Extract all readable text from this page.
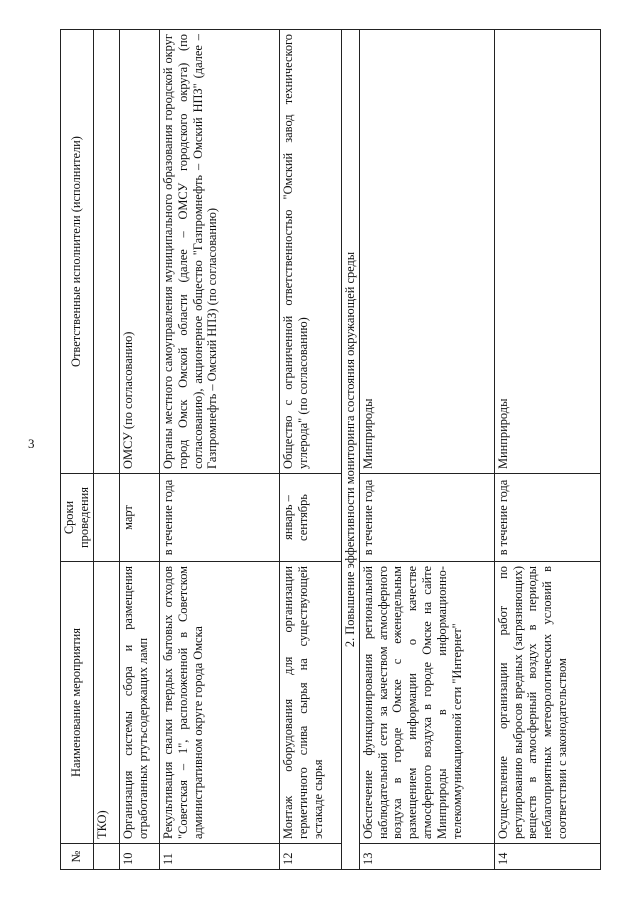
3
№	Наименование мероприятия	Сроки проведения	Ответственные исполнители (исполнители)
	ТКО)		
10	Организация системы сбора и размещения отработанных ртутьсодержащих ламп	март	ОМСУ (по согласованию)
11	Рекультивация свалки твердых бытовых отходов "Советская – 1", расположенной в Советском административном округе города Омска	в течение года	Органы местного самоуправления муниципального образования городской округ город Омск Омской области (далее – ОМСУ городского округа) (по согласованию), акционерное общество "Газпромнефть – Омский НПЗ" (далее – Газпромнефть – Омский НПЗ) (по согласованию)
12	Монтаж оборудования для организации герметичного слива сырья на существующей эстакаде сырья	январь – сентябрь	Общество с ограниченной ответственностью "Омский завод технического углерода" (по согласованию)
2. Повышение эффективности мониторинга состояния окружающей среды			
13	Обеспечение функционирования региональной наблюдательной сети за качеством атмосферного воздуха в городе Омске с еженедельным размещением информации о качестве атмосферного воздуха в городе Омске на сайте Минприроды в информационно-телекоммуникационной сети "Интернет"	в течение года	Минприроды
14	Осуществление организации работ по регулированию выбросов вредных (загрязняющих) веществ в атмосферный воздух в периоды неблагоприятных метеорологических условий в соответствии с законодательством	в течение года	Минприроды
